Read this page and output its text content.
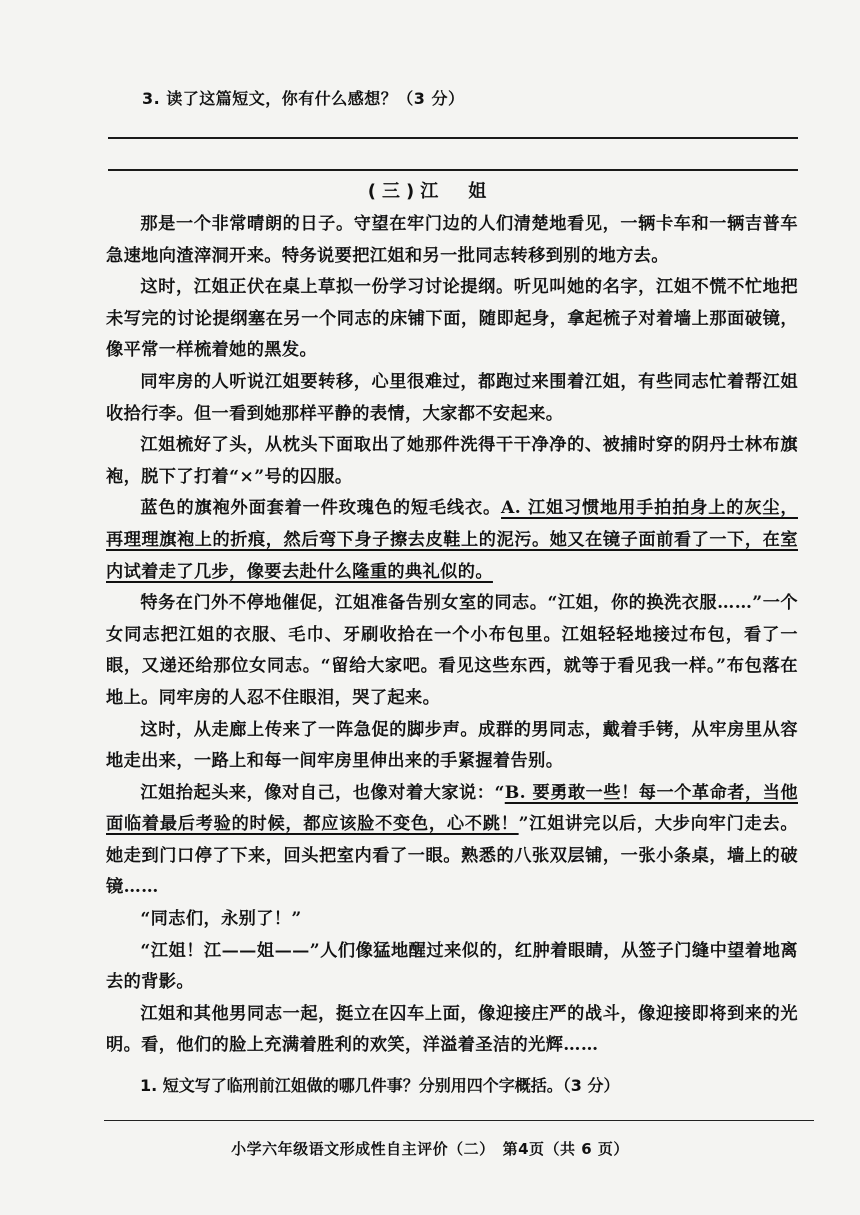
3. 读了这篇短文，你有什么感想？（3 分）
(三)江　姐

那是一个非常晴朗的日子。守望在牢门边的人们清楚地看见，一辆卡车和一辆吉普车急速地向渣滓洞开来。特务说要把江姐和另一批同志转移到别的地方去。

这时，江姐正伏在桌上草拟一份学习讨论提纲。听见叫她的名字，江姐不慌不忙地把未写完的讨论提纲塞在另一个同志的床铺下面，随即起身，拿起梳子对着墙上那面破镜，像平常一样梳着她的黑发。

同牢房的人听说江姐要转移，心里很难过，都跑过来围着江姐，有些同志忙着帮江姐收拾行李。但一看到她那样平静的表情，大家都不安起来。

江姐梳好了头，从枕头下面取出了她那件洗得干干净净的、被捕时穿的阴丹士林布旗袍，脱下了打着“×”号的囚服。

蓝色的旗袍外面套着一件玫瑰色的短毛线衣。A. 江姐习惯地用手拍拍身上的灰尘，再理理旗袍上的折痕，然后弯下身子擦去皮鞋上的泥污。她又在镜子面前看了一下，在室内试着走了几步，像要去赴什么隆重的典礼似的。

特务在门外不停地催促，江姐准备告别女室的同志。“江姐，你的换洗衣服……”一个女同志把江姐的衣服、毛巾、牙刷收拾在一个小布包里。江姐轻轻地接过布包，看了一眼，又递还给那位女同志。“留给大家吧。看见这些东西，就等于看见我一样。”布包落在地上。同牢房的人忍不住眼泪，哭了起来。

这时，从走廊上传来了一阵急促的脚步声。成群的男同志，戴着手铐，从牢房里从容地走出来，一路上和每一间牢房里伸出来的手紧握着告别。

江姐抬起头来，像对自己，也像对着大家说：“B. 要勇敢一些！每一个革命者，当他面临着最后考验的时候，都应该脸不变色，心不跳！”江姐讲完以后，大步向牢门走去。她走到门口停了下来，回头把室内看了一眼。熟悉的八张双层铺，一张小条桌，墙上的破镜……

“同志们，永别了！”

“江姐！江——姐——”人们像猛地醒过来似的，红肿着眼睛，从签子门缝中望着地离去的背影。

江姐和其他男同志一起，挺立在囚车上面，像迎接庄严的战斗，像迎接即将到来的光明。看，他们的脸上充满着胜利的欢笑，洋溢着圣洁的光辉……

1. 短文写了临刑前江姐做的哪几件事？分别用四个字概括。（3 分）
小学六年级语文形成性自主评价（二）　第4页（共 6 页）
